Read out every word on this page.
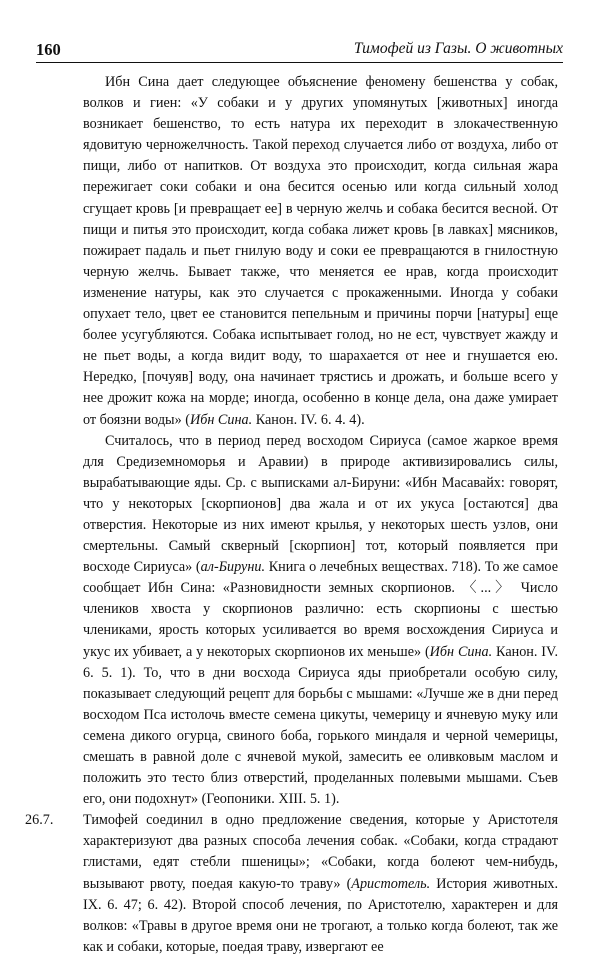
160	Тимофей из Газы. О животных

Ибн Сина дает следующее объяснение феномену бешенства у собак, волков и гиен: «У собаки и у других упомянутых [животных] иногда возникает бешенство, то есть натура их переходит в злокачественную ядовитую черножелчность. Такой переход случается либо от воздуха, либо от пищи, либо от напитков. От воздуха это происходит, когда сильная жара пережигает соки собаки и она бесится осенью или когда сильный холод сгущает кровь [и превращает ее] в черную желчь и собака бесится весной. От пищи и питья это происходит, когда собака лижет кровь [в лавках] мясников, пожирает падаль и пьет гнилую воду и соки ее превращаются в гнилостную черную желчь. Бывает также, что меняется ее нрав, когда происходит изменение натуры, как это случается с прокаженными. Иногда у собаки опухает тело, цвет ее становится пепельным и причины порчи [натуры] еще более усугубляются. Собака испытывает голод, но не ест, чувствует жажду и не пьет воды, а когда видит воду, то шарахается от нее и гнушается ею. Нередко, [почуяв] воду, она начинает трястись и дрожать, и больше всего у нее дрожит кожа на морде; иногда, особенно в конце дела, она даже умирает от боязни воды» (Ибн Сина. Канон. IV. 6. 4. 4).

Считалось, что в период перед восходом Сириуса (самое жаркое время для Средиземноморья и Аравии) в природе активизировались силы, вырабатывающие яды. Ср. с выписками ал-Бируни: «Ибн Масавайх: говорят, что у некоторых [скорпионов] два жала и от их укуса [остаются] два отверстия. Некоторые из них имеют крылья, у некоторых шесть узлов, они смертельны. Самый скверный [скорпион] тот, который появляется при восходе Сириуса» (ал-Бируни. Книга о лечебных веществах. 718). То же самое сообщает Ибн Сина: «Разновидности земных скорпионов. 〈...〉 Число члеников хвоста у скорпионов различно: есть скорпионы с шестью члениками, ярость которых усиливается во время восхождения Сириуса и укус их убивает, а у некоторых скорпионов их меньше» (Ибн Сина. Канон. IV. 6. 5. 1). То, что в дни восхода Сириуса яды приобретали особую силу, показывает следующий рецепт для борьбы с мышами: «Лучше же в дни перед восходом Пса истолочь вместе семена цикуты, чемерицу и ячневую муку или семена дикого огурца, свиного боба, горького миндаля и черной чемерицы, смешать в равной доле с ячневой мукой, замесить ее оливковым маслом и положить это тесто близ отверстий, проделанных полевыми мышами. Съев его, они подохнут» (Геопоники. XIII. 5. 1).

26.7. Тимофей соединил в одно предложение сведения, которые у Аристотеля характеризуют два разных способа лечения собак. «Собаки, когда страдают глистами, едят стебли пшеницы»; «Собаки, когда болеют чем-нибудь, вызывают рвоту, поедая какую-то траву» (Аристотель. История животных. IX. 6. 47; 6. 42). Второй способ лечения, по Аристотелю, характерен и для волков: «Травы в другое время они не трогают, а только когда болеют, так же как и собаки, которые, поедая траву, извергают ее
